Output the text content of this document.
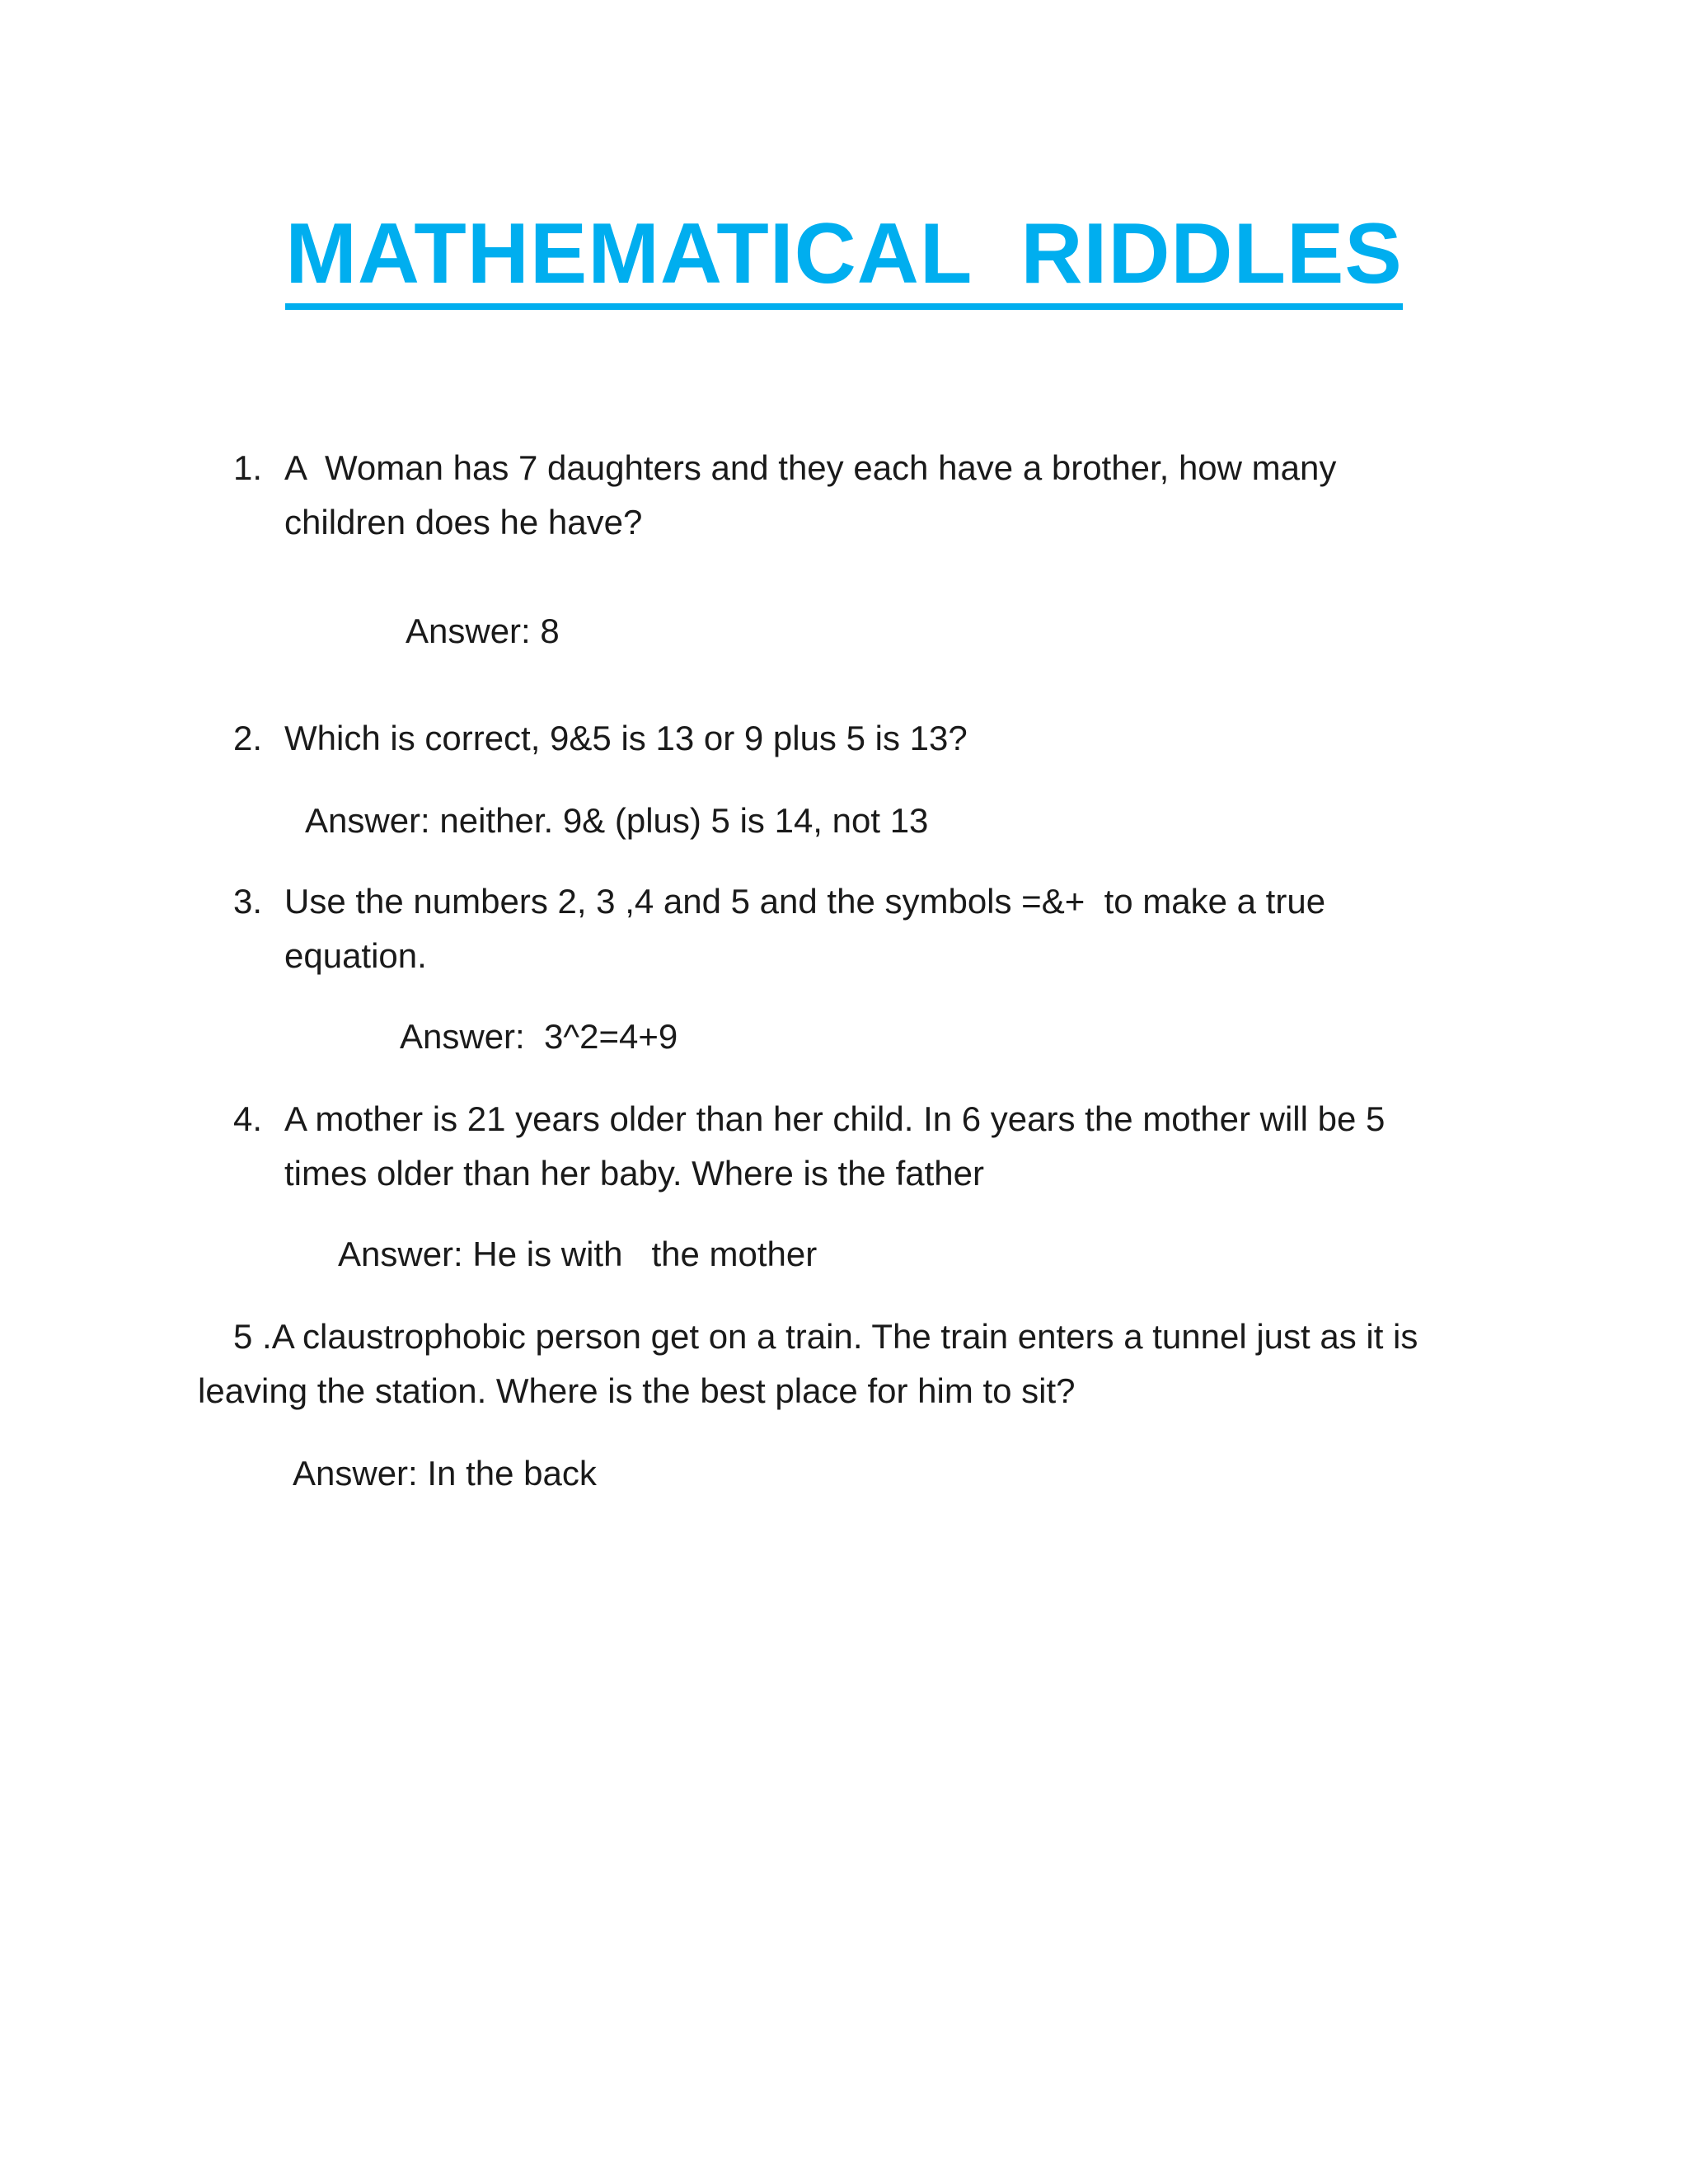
MATHEMATICAL  RIDDLES
1. A  Woman has 7 daughters and they each have a brother, how many
children does he have?
Answer: 8
2. Which is correct, 9&5 is 13 or 9 plus 5 is 13?
Answer: neither. 9& (plus) 5 is 14, not 13
3. Use the numbers 2, 3 ,4 and 5 and the symbols =&+  to make a true
equation.
Answer:  3^2=4+9
4. A mother is 21 years older than her child. In 6 years the mother will be 5
times older than her baby. Where is the father
Answer: He is with   the mother
5 .A claustrophobic person get on a train. The train enters a tunnel just as it is
leaving the station. Where is the best place for him to sit?
Answer: In the back
